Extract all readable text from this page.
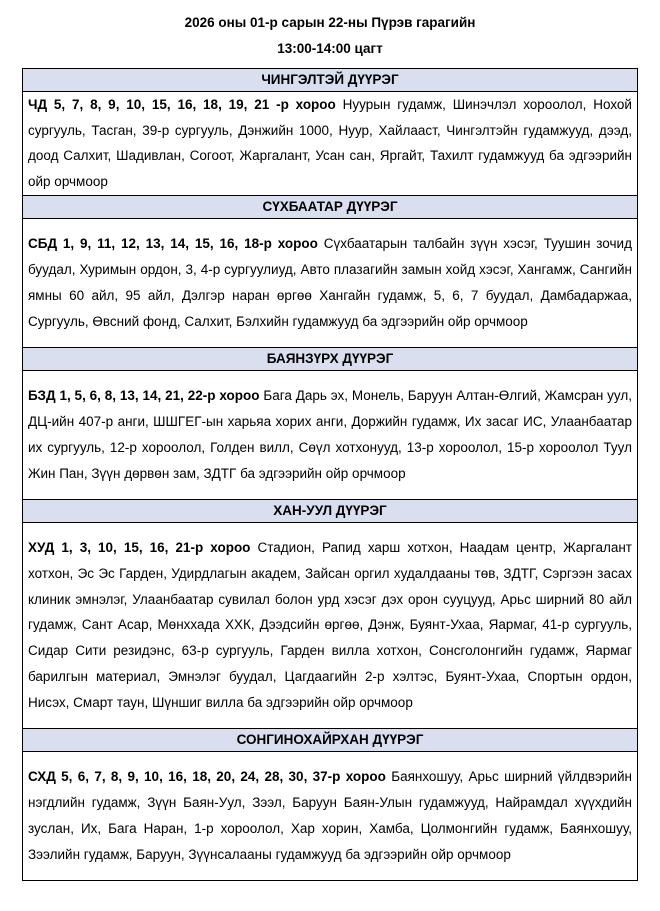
2026 оны 01-р сарын 22-ны Пүрэв гарагийн

13:00-14:00 цагт

ЧИНГЭЛТЭЙ ДҮҮРЭГ
ЧД 5, 7, 8, 9, 10, 15, 16, 18, 19, 21 -р хороо Нуурын гудамж, Шинэчлэл хороолол, Нохой сургууль, Тасган, 39-р сургууль, Дэнжийн 1000, Нуур, Хайлааст, Чингэлтэйн гудамжууд, дээд, доод Салхит, Шадивлан, Согоот, Жаргалант, Усан сан, Яргайт, Тахилт гудамжууд ба эдгээрийн ойр орчмоор
СҮХБААТАР ДҮҮРЭГ
СБД 1, 9, 11, 12, 13, 14, 15, 16, 18-р хороо Сүхбаатарын талбайн зүүн хэсэг, Туушин зочид буудал, Хуримын ордон, 3, 4-р сургуулиуд, Авто плазагийн замын хойд хэсэг, Хангамж, Сангийн ямны 60 айл, 95 айл, Дэлгэр наран өргөө Хангайн гудамж, 5, 6, 7 буудал, Дамбадаржаа, Сургууль, Өвсний фонд, Салхит, Бэлхийн гудамжууд ба эдгээрийн ойр орчмоор
БАЯНЗҮРХ ДҮҮРЭГ
БЗД 1, 5, 6, 8, 13, 14, 21, 22-р хороо Бага Дарь эх, Монель, Баруун Алтан-Өлгий, Жамсран уул, ДЦ-ийн 407-р анги, ШШГЕГ-ын харьяа хорих анги, Доржийн гудамж, Их засаг ИС, Улаанбаатар их сургууль, 12-р хороолол, Голден вилл, Сөүл хотхонууд, 13-р хороолол, 15-р хороолол Туул Жин Пан, Зүүн дөрвөн зам, ЗДТГ ба эдгээрийн ойр орчмоор
ХАН-УУЛ ДҮҮРЭГ
ХУД 1, 3, 10, 15, 16, 21-р хороо Стадион, Рапид харш хотхон, Наадам центр, Жаргалант хотхон, Эс Эс Гарден, Удирдлагын академ, Зайсан оргил худалдааны төв, ЗДТГ, Сэргээн засах клиник эмнэлэг, Улаанбаатар сувилал болон урд хэсэг дэх орон сууцууд, Арьс ширний 80 айл гудамж, Сант Асар, Мөнххада ХХК, Дээдсийн өргөө, Дэнж, Буянт-Ухаа, Яармаг, 41-р сургууль, Сидар Сити резидэнс, 63-р сургууль, Гарден вилла хотхон, Сонсголонгийн гудамж, Яармаг барилгын материал, Эмнэлэг буудал, Цагдаагийн 2-р хэлтэс, Буянт-Ухаа, Спортын ордон, Нисэх, Смарт таун, Шүншиг вилла ба эдгээрийн ойр орчмоор
СОНГИНОХАЙРХАН ДҮҮРЭГ
СХД 5, 6, 7, 8, 9, 10, 16, 18, 20, 24, 28, 30, 37-р хороо Баянхошуу, Арьс ширний үйлдвэрийн нэгдлийн гудамж, Зүүн Баян-Уул, Зээл, Баруун Баян-Улын гудамжууд, Найрамдал хүүхдийн зуслан, Их, Бага Наран, 1-р хороолол, Хар хорин, Хамба, Цолмонгийн гудамж, Баянхошуу, Зээлийн гудамж, Баруун, Зүүнсалааны гудамжууд ба эдгээрийн ойр орчмоор
